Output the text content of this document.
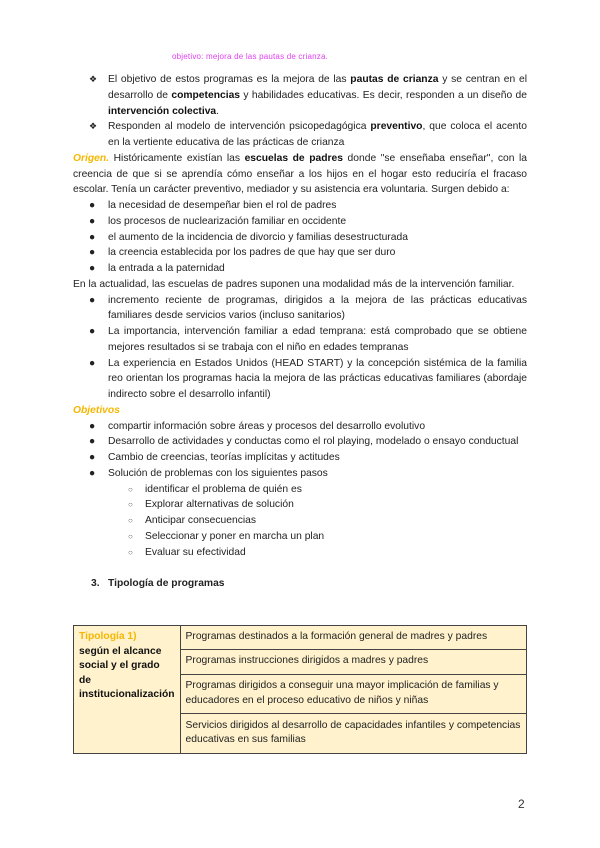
objetivo: mejora de las pautas de crianza.
❖ El objetivo de estos programas es la mejora de las pautas de crianza y se centran en el desarrollo de competencias y habilidades educativas. Es decir, responden a un diseño de intervención colectiva.
❖ Responden al modelo de intervención psicopedagógica preventivo, que coloca el acento en la vertiente educativa de las prácticas de crianza

Origen. Históricamente existían las escuelas de padres donde "se enseñaba enseñar", con la creencia de que si se aprendía cómo enseñar a los hijos en el hogar esto reduciría el fracaso escolar. Tenía un carácter preventivo, mediador y su asistencia era voluntaria. Surgen debido a:

● la necesidad de desempeñar bien el rol de padres
● los procesos de nuclearización familiar en occidente
● el aumento de la incidencia de divorcio y familias desestructurada
● la creencia establecida por los padres de que hay que ser duro
● la entrada a la paternidad

En la actualidad, las escuelas de padres suponen una modalidad más de la intervención familiar.

● incremento reciente de programas, dirigidos a la mejora de las prácticas educativas familiares desde servicios varios (incluso sanitarios)
● La importancia, intervención familiar a edad temprana: está comprobado que se obtiene mejores resultados si se trabaja con el niño en edades tempranas
● La experiencia en Estados Unidos (HEAD START) y la concepción sistémica de la familia reo orientan los programas hacia la mejora de las prácticas educativas familiares (abordaje indirecto sobre el desarrollo infantil)

Objetivos

● compartir información sobre áreas y procesos del desarrollo evolutivo
● Desarrollo de actividades y conductas como el rol playing, modelado o ensayo conductual
● Cambio de creencias, teorías implícitas y actitudes
● Solución de problemas con los siguientes pasos
○ identificar el problema de quién es
○ Explorar alternativas de solución
○ Anticipar consecuencias
○ Seleccionar y poner en marcha un plan
○ Evaluar su efectividad
3. Tipología de programas
Tipología 1)
según el alcance social y el grado de institucionalización	Programas destinados a la formación general de madres y padres
Programas instrucciones dirigidos a madres y padres
Programas dirigidos a conseguir una mayor implicación de familias y educadores en el proceso educativo de niños y niñas
Servicios dirigidos al desarrollo de capacidades infantiles y competencias educativas en sus familias
2
